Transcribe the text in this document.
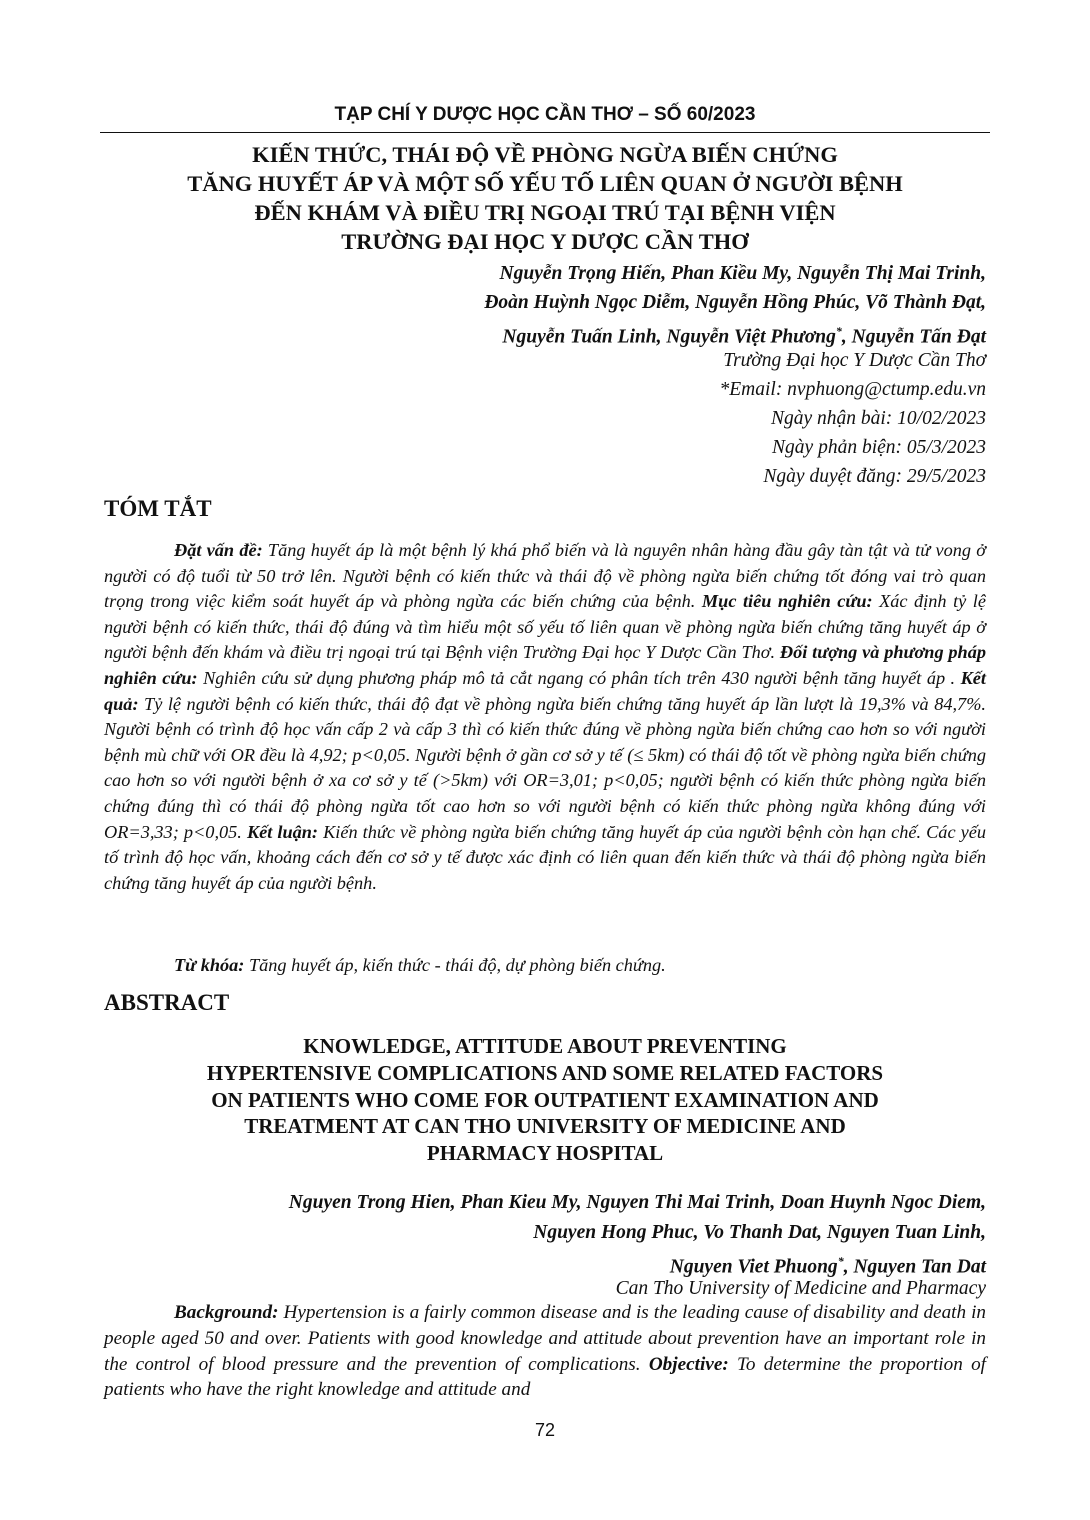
TẠP CHÍ Y DƯỢC HỌC CẦN THƠ – SỐ 60/2023
KIẾN THỨC, THÁI ĐỘ VỀ PHÒNG NGỪA BIẾN CHỨNG
TĂNG HUYẾT ÁP VÀ MỘT SỐ YẾU TỐ LIÊN QUAN Ở NGƯỜI BỆNH
ĐẾN KHÁM VÀ ĐIỀU TRỊ NGOẠI TRÚ TẠI BỆNH VIỆN
TRƯỜNG ĐẠI HỌC Y DƯỢC CẦN THƠ
Nguyễn Trọng Hiến, Phan Kiều My, Nguyễn Thị Mai Trinh,
Đoàn Huỳnh Ngọc Diễm, Nguyễn Hồng Phúc, Võ Thành Đạt,
Nguyễn Tuấn Linh, Nguyễn Việt Phương*, Nguyễn Tấn Đạt
Trường Đại học Y Dược Cần Thơ
*Email: nvphuong@ctump.edu.vn
Ngày nhận bài: 10/02/2023
Ngày phản biện: 05/3/2023
Ngày duyệt đăng: 29/5/2023
TÓM TẮT
Đặt vấn đề: Tăng huyết áp là một bệnh lý khá phổ biến và là nguyên nhân hàng đầu gây tàn tật và tử vong ở người có độ tuổi từ 50 trở lên. Người bệnh có kiến thức và thái độ về phòng ngừa biến chứng tốt đóng vai trò quan trọng trong việc kiểm soát huyết áp và phòng ngừa các biến chứng của bệnh. Mục tiêu nghiên cứu: Xác định tỷ lệ người bệnh có kiến thức, thái độ đúng và tìm hiểu một số yếu tố liên quan về phòng ngừa biến chứng tăng huyết áp ở người bệnh đến khám và điều trị ngoại trú tại Bệnh viện Trường Đại học Y Dược Cần Thơ. Đối tượng và phương pháp nghiên cứu: Nghiên cứu sử dụng phương pháp mô tả cắt ngang có phân tích trên 430 người bệnh tăng huyết áp . Kết quả: Tỷ lệ người bệnh có kiến thức, thái độ đạt về phòng ngừa biến chứng tăng huyết áp lần lượt là 19,3% và 84,7%. Người bệnh có trình độ học vấn cấp 2 và cấp 3 thì có kiến thức đúng về phòng ngừa biến chứng cao hơn so với người bệnh mù chữ với OR đều là 4,92; p<0,05. Người bệnh ở gần cơ sở y tế (≤ 5km) có thái độ tốt về phòng ngừa biến chứng cao hơn so với người bệnh ở xa cơ sở y tế (>5km) với OR=3,01; p<0,05; người bệnh có kiến thức phòng ngừa biến chứng đúng thì có thái độ phòng ngừa tốt cao hơn so với người bệnh có kiến thức phòng ngừa không đúng với OR=3,33; p<0,05. Kết luận: Kiến thức về phòng ngừa biến chứng tăng huyết áp của người bệnh còn hạn chế. Các yếu tố trình độ học vấn, khoảng cách đến cơ sở y tế được xác định có liên quan đến kiến thức và thái độ phòng ngừa biến chứng tăng huyết áp của người bệnh.
Từ khóa: Tăng huyết áp, kiến thức - thái độ, dự phòng biến chứng.
ABSTRACT
KNOWLEDGE, ATTITUDE ABOUT PREVENTING
HYPERTENSIVE COMPLICATIONS AND SOME RELATED FACTORS
ON PATIENTS WHO COME FOR OUTPATIENT EXAMINATION AND
TREATMENT AT CAN THO UNIVERSITY OF MEDICINE AND
PHARMACY HOSPITAL
Nguyen Trong Hien, Phan Kieu My, Nguyen Thi Mai Trinh, Doan Huynh Ngoc Diem,
Nguyen Hong Phuc, Vo Thanh Dat, Nguyen Tuan Linh,
Nguyen Viet Phuong*, Nguyen Tan Dat
Can Tho University of Medicine and Pharmacy
Background: Hypertension is a fairly common disease and is the leading cause of disability and death in people aged 50 and over. Patients with good knowledge and attitude about prevention have an important role in the control of blood pressure and the prevention of complications. Objective: To determine the proportion of patients who have the right knowledge and attitude and
72
